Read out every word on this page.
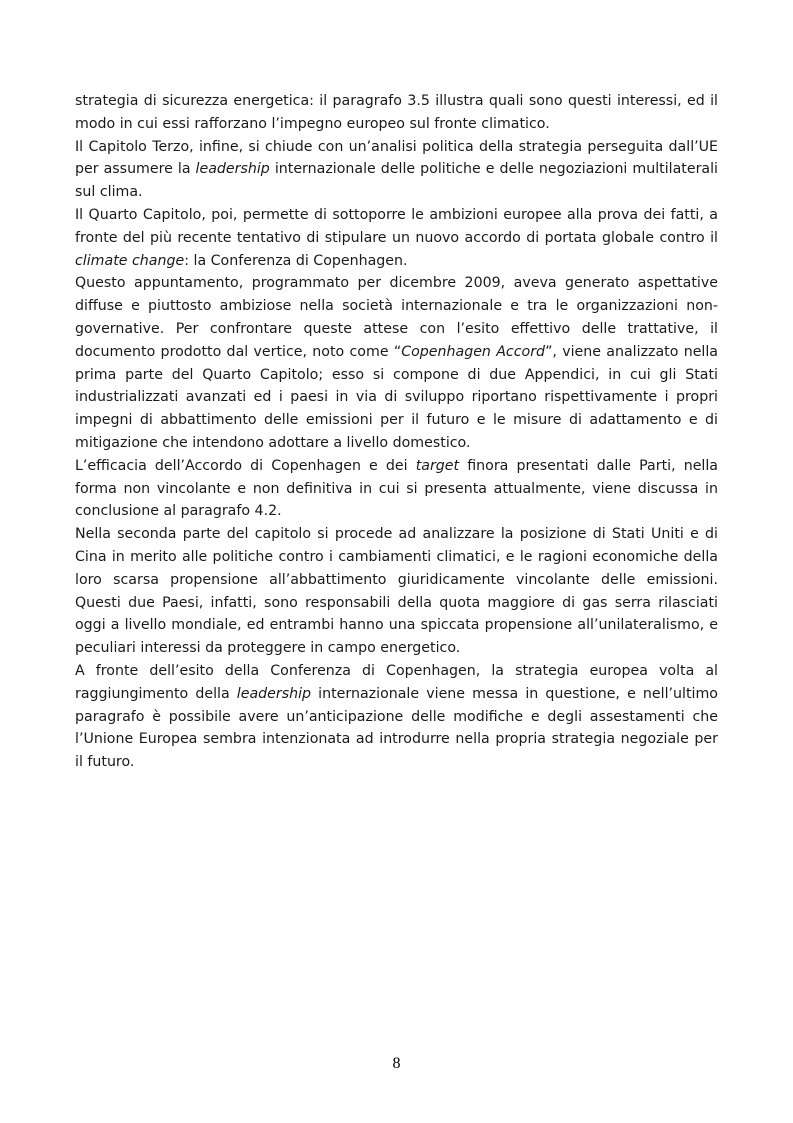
strategia di sicurezza energetica: il paragrafo 3.5 illustra quali sono questi interessi, ed il modo in cui essi rafforzano l’impegno europeo sul fronte climatico.

Il Capitolo Terzo, infine, si chiude con un’analisi politica della strategia perseguita dall’UE per assumere la leadership internazionale delle politiche e delle negoziazioni multilaterali sul clima.

Il Quarto Capitolo, poi, permette di sottoporre le ambizioni europee alla prova dei fatti, a fronte del più recente tentativo di stipulare un nuovo accordo di portata globale contro il climate change: la Conferenza di Copenhagen.

Questo appuntamento, programmato per dicembre 2009, aveva generato aspettative diffuse e piuttosto ambiziose nella società internazionale e tra le organizzazioni non-governative. Per confrontare queste attese con l’esito effettivo delle trattative, il documento prodotto dal vertice, noto come “Copenhagen Accord”, viene analizzato nella prima parte del Quarto Capitolo; esso si compone di due Appendici, in cui gli Stati industrializzati avanzati ed i paesi in via di sviluppo riportano rispettivamente i propri impegni di abbattimento delle emissioni per il futuro e le misure di adattamento e di mitigazione che intendono adottare a livello domestico.

L’efficacia dell’Accordo di Copenhagen e dei target finora presentati dalle Parti, nella forma non vincolante e non definitiva in cui si presenta attualmente, viene discussa in conclusione al paragrafo 4.2.

Nella seconda parte del capitolo si procede ad analizzare la posizione di Stati Uniti e di Cina in merito alle politiche contro i cambiamenti climatici, e le ragioni economiche della loro scarsa propensione all’abbattimento giuridicamente vincolante delle emissioni. Questi due Paesi, infatti, sono responsabili della quota maggiore di gas serra rilasciati oggi a livello mondiale, ed entrambi hanno una spiccata propensione all’unilateralismo, e peculiari interessi da proteggere in campo energetico.

A fronte dell’esito della Conferenza di Copenhagen, la strategia europea volta al raggiungimento della leadership internazionale viene messa in questione, e nell’ultimo paragrafo è possibile avere un’anticipazione delle modifiche e degli assestamenti che l’Unione Europea sembra intenzionata ad introdurre nella propria strategia negoziale per il futuro.

8
